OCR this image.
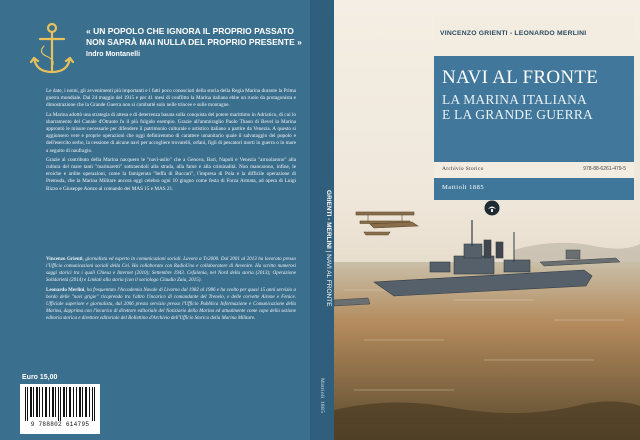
« UN POPOLO CHE IGNORA IL PROPRIO PASSATO NON SAPRÀ MAI NULLA DEL PROPRIO PRESENTE »
Indro Montanelli

Le date, i nomi, gli avvenimenti più importanti e i fatti poco conosciuti della storia della Regia Marina durante la Prima guerra mondiale. Dal 24 maggio del 1915 e per 41 mesi di conflitto la Marina italiana ebbe un ruolo da protagonista e dimostrazione che la Grande Guerra non si combatté solo nelle trincee e sulle montagne.

La Marina adottò una strategia di attesa e di deterrenza basata sulla conquista del potere marittimo in Adriatico, di cui lo sbarramento del Canale d'Otranto fu il più fulgido esempio. Grazie all'ammiraglio Paolo Thaon di Revel la Marina approntò le misure necessarie per difendere il patrimonio culturale e artistico italiano a partire da Venezia. A questo si aggiunsero vere e proprie operazioni che oggi definiremmo di carattere umanitario quale il salvataggio del popolo e dell'esercito serbo, la cessione di alcune navi per accogliere trovatelli, orfani, figli di pescatori morti in guerra o in mare a seguito di naufragio.

Grazie al contributo della Marina nacquero le "navi-asilo" che a Genova, Bari, Napoli e Venezia "arruolarono" alla cultura del mare tanti "marinaretti" sottraendoli alla strada, alla fame e alla criminalità. Non mancarono, infine, le eroiche e ardite operazioni, come la famigerata "beffa di Buccari", l'impresa di Pola e la difficile operazione di Premuda, che la Marina Militare ancora oggi celebra ogni 10 giugno come festa di Forza Armata, ad opera di Luigi Rizzo e Giuseppe Aonzo al comando dei MAS 15 e MAS 21.

Vincenzo Grienti, giornalista ed esperto in comunicazioni sociali. Lavora a Tv2000. Dal 2001 al 2013 ha lavorato presso l'Ufficio comunicazioni sociali della Cei. Ha collaborato con RadioUno e collaboratore di Avvenire. Ha scritto numerosi saggi storici tra i quali Chiesa e Internet (2010); Settembre 1943. Cefalonia, nel Nord della storia (2013); Operazione Solidarietà (2014) e Linkati alla storia (con il sociologo Claudio Zaia, 2015).

Leonardo Merlini, ha frequentato l'Accademia Navale di Livorno dal 1982 al 1986 e ha svolto per quasi 15 anni servizio a bordo delle "navi grigie" ricoprendo tra l'altro l'incarico di comandante del Trenelo, e delle corvette Airone e Fenice. Ufficiale superiore e giornalista, dal 2006 presta servizio presso l'Ufficio Pubblica Informazione e Comunicazione della Marina, dapprima con l'incarico di direttore editoriale del Notiziario della Marina ed attualmente come capo della sezione editoria storica e direttore editoriale del Bollettino d'Archivio dell'Ufficio Storico della Marina Militare.

Euro 15,00
9 788802 614795
GRIENTI - MERLINI | NAVI AL FRONTE
Mattioli 1885
VINCENZO GRIENTI - LEONARDO MERLINI
NAVI AL FRONTE
LA MARINA ITALIANA
E LA GRANDE GUERRA
Archivio Storico	978-88-6261-479-5
Mattioli 1885
